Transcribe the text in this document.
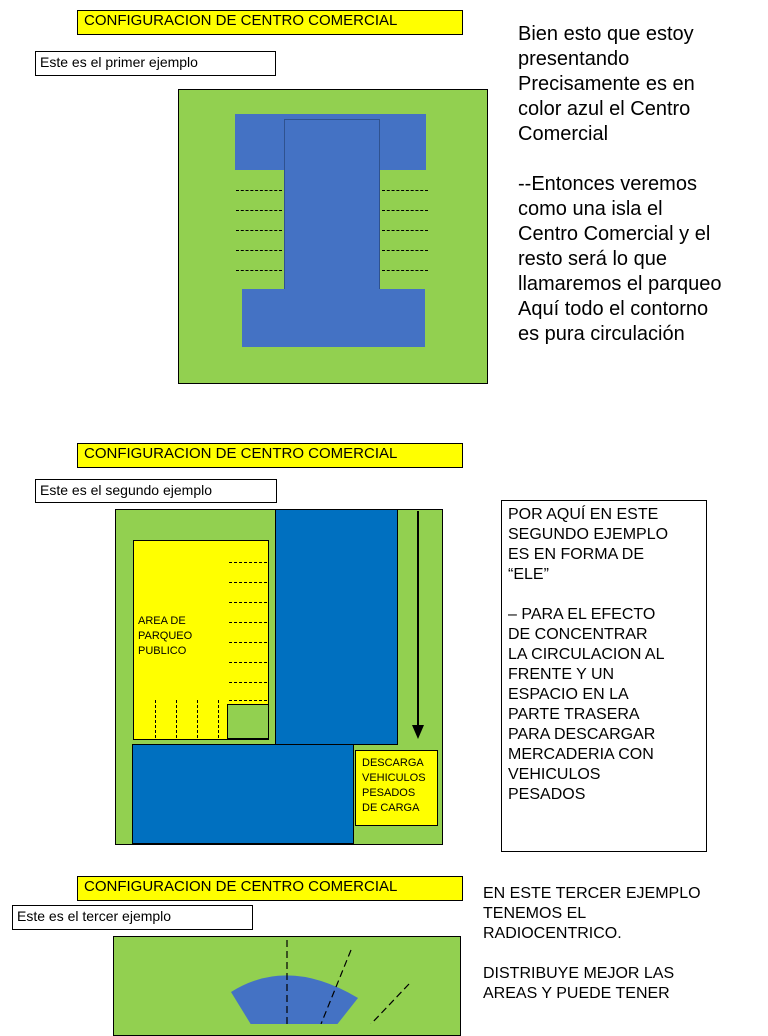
CONFIGURACION DE CENTRO COMERCIAL
Este es el primer ejemplo
Bien esto que estoy
presentando
Precisamente es en
color azul el Centro
Comercial
--Entonces veremos
como una isla el
Centro Comercial y el
resto será lo que
llamaremos el parqueo
Aquí todo el contorno
es pura circulación
CONFIGURACION DE CENTRO COMERCIAL
Este es el segundo ejemplo
AREA DE
PARQUEO
PUBLICO
DESCARGA
VEHICULOS
PESADOS
DE CARGA
POR AQUÍ EN ESTE
SEGUNDO EJEMPLO
ES EN FORMA DE
“ELE”
– PARA EL EFECTO
DE CONCENTRAR
LA CIRCULACION AL
FRENTE Y UN
ESPACIO EN LA
PARTE TRASERA
PARA DESCARGAR
MERCADERIA CON
VEHICULOS
PESADOS
CONFIGURACION DE CENTRO COMERCIAL
Este es el tercer ejemplo
EN ESTE TERCER EJEMPLO
TENEMOS EL
RADIOCENTRICO.
DISTRIBUYE MEJOR LAS
AREAS Y PUEDE TENER
